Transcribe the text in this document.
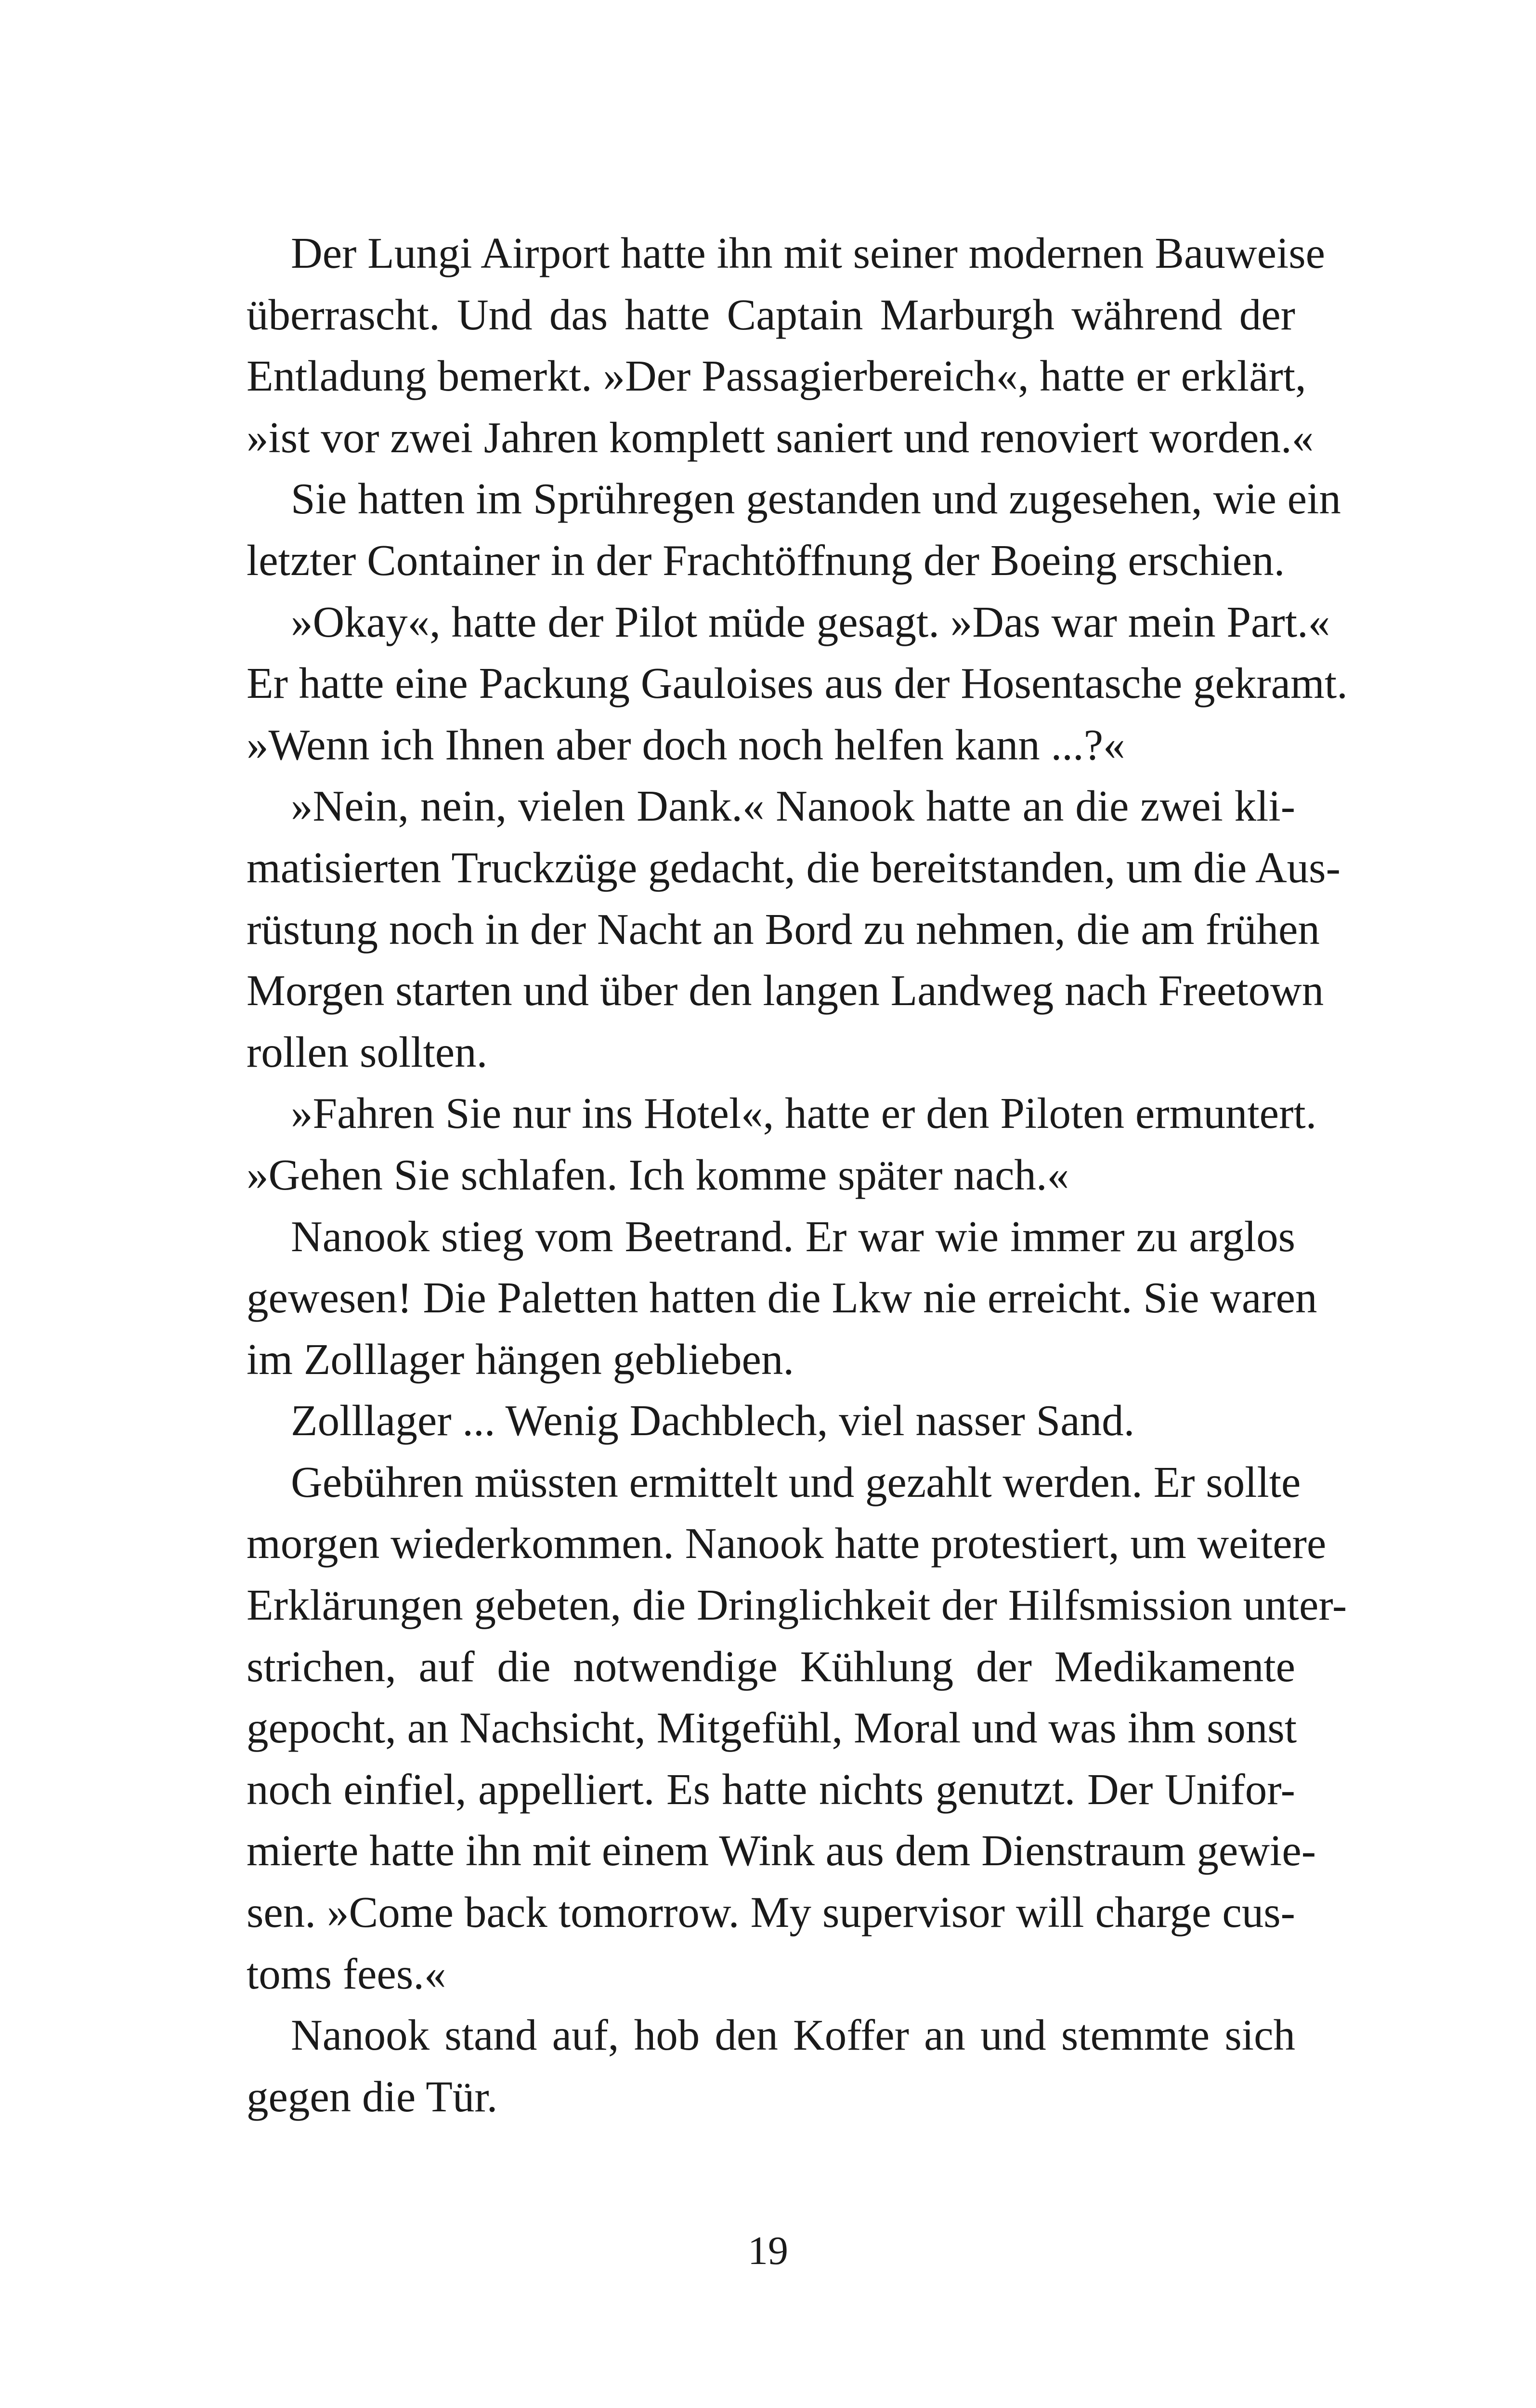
Der Lungi Airport hatte ihn mit seiner modernen Bauweise
überrascht. Und das hatte Captain Marburgh während der
Entladung bemerkt. »Der Passagierbereich«, hatte er erklärt,
»ist vor zwei Jahren komplett saniert und renoviert worden.«
Sie hatten im Sprühregen gestanden und zugesehen, wie ein
letzter Container in der Frachtöffnung der Boeing erschien.
»Okay«, hatte der Pilot müde gesagt. »Das war mein Part.«
Er hatte eine Packung Gauloises aus der Hosentasche gekramt.
»Wenn ich Ihnen aber doch noch helfen kann ...?«
»Nein, nein, vielen Dank.« Nanook hatte an die zwei kli-
matisierten Truckzüge gedacht, die bereitstanden, um die Aus-
rüstung noch in der Nacht an Bord zu nehmen, die am frühen
Morgen starten und über den langen Landweg nach Freetown
rollen sollten.
»Fahren Sie nur ins Hotel«, hatte er den Piloten ermuntert.
»Gehen Sie schlafen. Ich komme später nach.«
Nanook stieg vom Beetrand. Er war wie immer zu arglos
gewesen! Die Paletten hatten die Lkw nie erreicht. Sie waren
im Zolllager hängen geblieben.
Zolllager ... Wenig Dachblech, viel nasser Sand.
Gebühren müssten ermittelt und gezahlt werden. Er sollte
morgen wiederkommen. Nanook hatte protestiert, um weitere
Erklärungen gebeten, die Dringlichkeit der Hilfsmission unter-
strichen, auf die notwendige Kühlung der Medikamente
gepocht, an Nachsicht, Mitgefühl, Moral und was ihm sonst
noch einfiel, appelliert. Es hatte nichts genutzt. Der Unifor-
mierte hatte ihn mit einem Wink aus dem Dienstraum gewie-
sen. »Come back tomorrow. My supervisor will charge cus-
toms fees.«
Nanook stand auf, hob den Koffer an und stemmte sich
gegen die Tür.
19
